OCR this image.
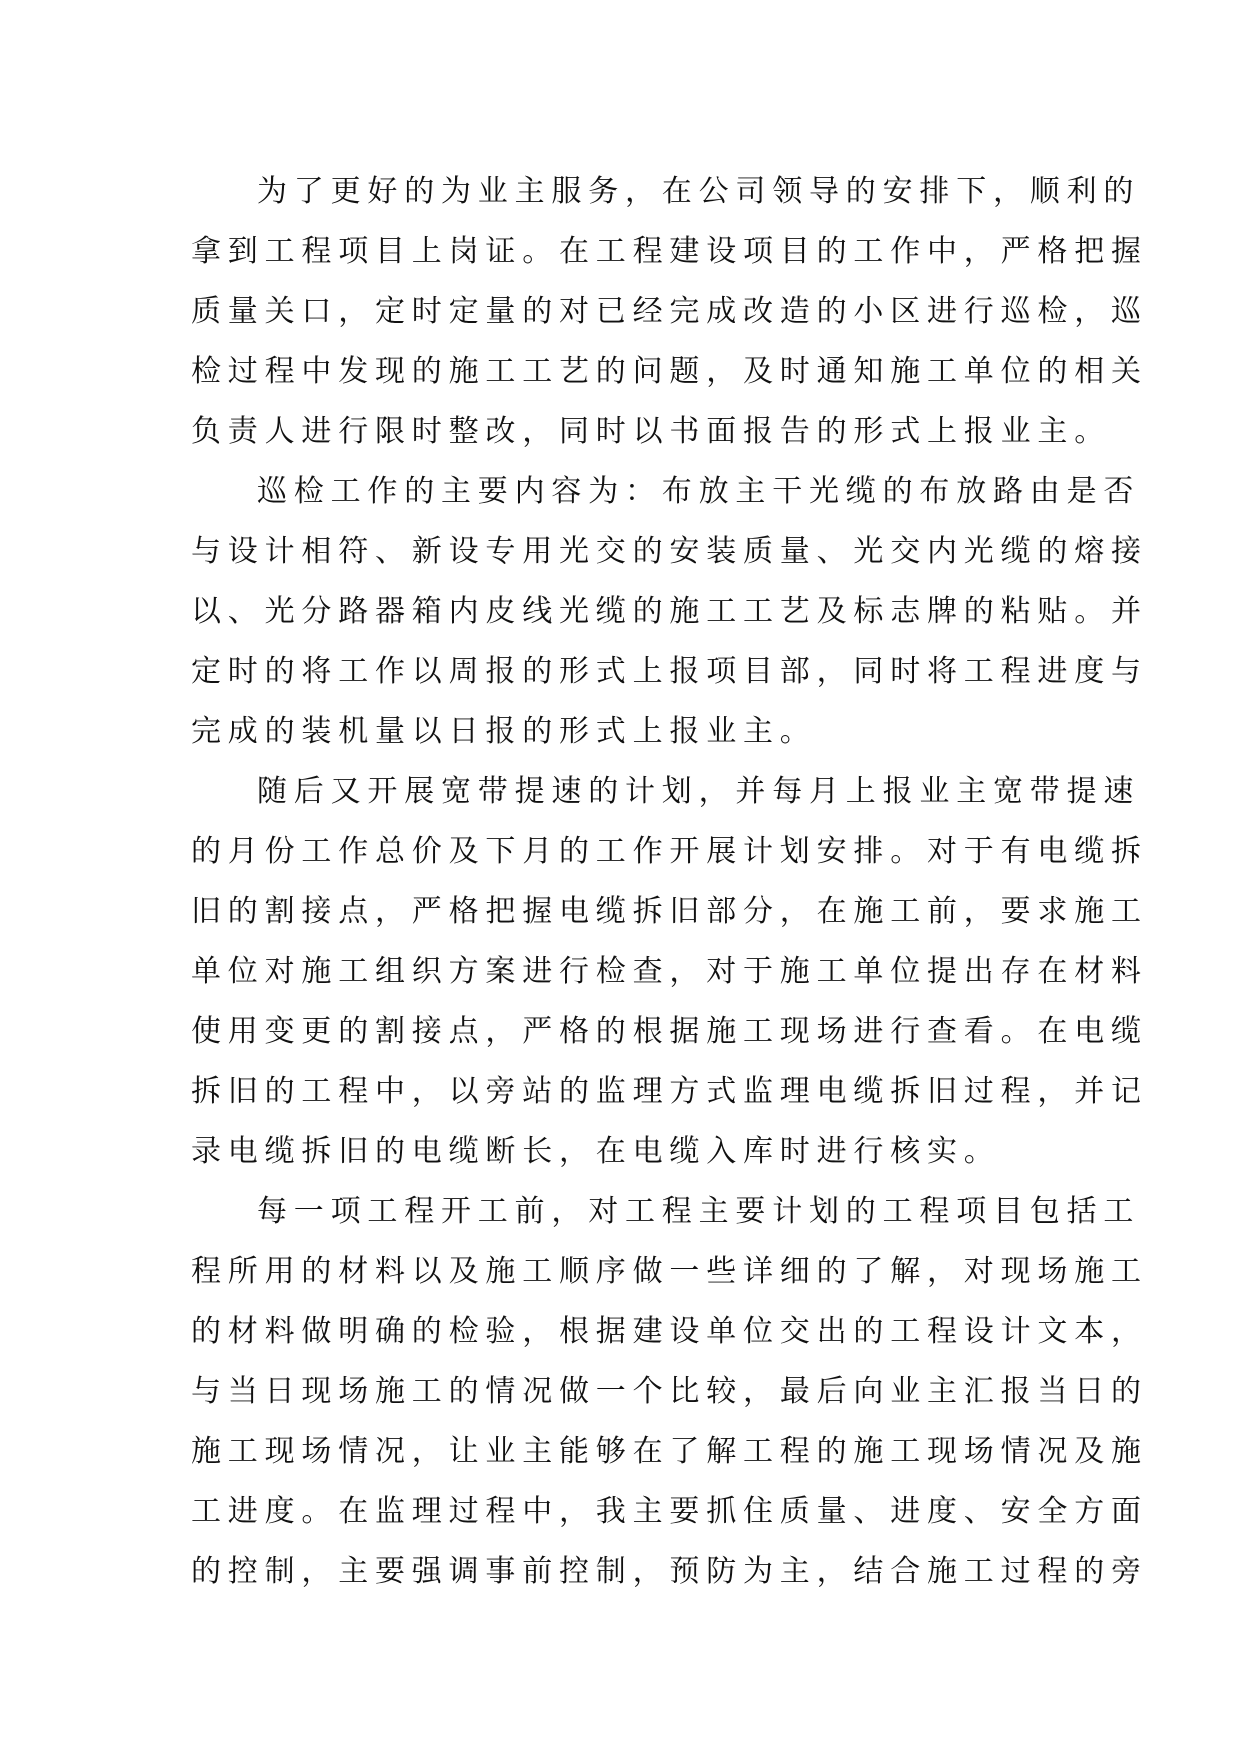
为了更好的为业主服务，在公司领导的安排下，顺利的
拿到工程项目上岗证。在工程建设项目的工作中，严格把握
质量关口，定时定量的对已经完成改造的小区进行巡检，巡
检过程中发现的施工工艺的问题，及时通知施工单位的相关
负责人进行限时整改，同时以书面报告的形式上报业主。

巡检工作的主要内容为：布放主干光缆的布放路由是否
与设计相符、新设专用光交的安装质量、光交内光缆的熔接
以、光分路器箱内皮线光缆的施工工艺及标志牌的粘贴。并
定时的将工作以周报的形式上报项目部，同时将工程进度与
完成的装机量以日报的形式上报业主。

随后又开展宽带提速的计划，并每月上报业主宽带提速
的月份工作总价及下月的工作开展计划安排。对于有电缆拆
旧的割接点，严格把握电缆拆旧部分，在施工前，要求施工
单位对施工组织方案进行检查，对于施工单位提出存在材料
使用变更的割接点，严格的根据施工现场进行查看。在电缆
拆旧的工程中，以旁站的监理方式监理电缆拆旧过程，并记
录电缆拆旧的电缆断长，在电缆入库时进行核实。

每一项工程开工前，对工程主要计划的工程项目包括工
程所用的材料以及施工顺序做一些详细的了解，对现场施工
的材料做明确的检验，根据建设单位交出的工程设计文本，
与当日现场施工的情况做一个比较，最后向业主汇报当日的
施工现场情况，让业主能够在了解工程的施工现场情况及施
工进度。在监理过程中，我主要抓住质量、进度、安全方面
的控制，主要强调事前控制，预防为主，结合施工过程的旁
